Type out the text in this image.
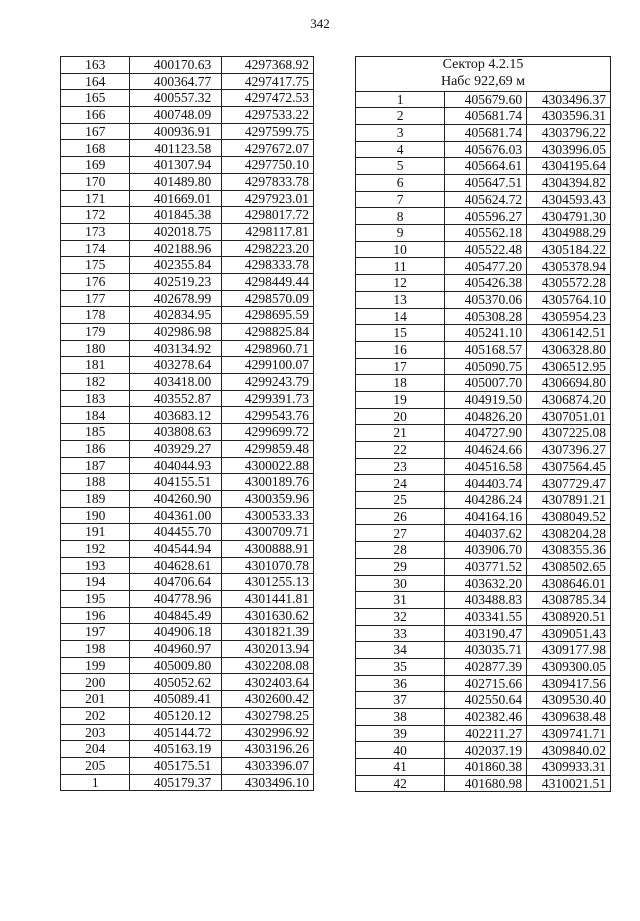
342
163	400170.63	4297368.92
164	400364.77	4297417.75
165	400557.32	4297472.53
166	400748.09	4297533.22
167	400936.91	4297599.75
168	401123.58	4297672.07
169	401307.94	4297750.10
170	401489.80	4297833.78
171	401669.01	4297923.01
172	401845.38	4298017.72
173	402018.75	4298117.81
174	402188.96	4298223.20
175	402355.84	4298333.78
176	402519.23	4298449.44
177	402678.99	4298570.09
178	402834.95	4298695.59
179	402986.98	4298825.84
180	403134.92	4298960.71
181	403278.64	4299100.07
182	403418.00	4299243.79
183	403552.87	4299391.73
184	403683.12	4299543.76
185	403808.63	4299699.72
186	403929.27	4299859.48
187	404044.93	4300022.88
188	404155.51	4300189.76
189	404260.90	4300359.96
190	404361.00	4300533.33
191	404455.70	4300709.71
192	404544.94	4300888.91
193	404628.61	4301070.78
194	404706.64	4301255.13
195	404778.96	4301441.81
196	404845.49	4301630.62
197	404906.18	4301821.39
198	404960.97	4302013.94
199	405009.80	4302208.08
200	405052.62	4302403.64
201	405089.41	4302600.42
202	405120.12	4302798.25
203	405144.72	4302996.92
204	405163.19	4303196.26
205	405175.51	4303396.07
1	405179.37	4303496.10
Сектор 4.2.15
Набс 922,69 м		

1	405679.60	4303496.37
2	405681.74	4303596.31
3	405681.74	4303796.22
4	405676.03	4303996.05
5	405664.61	4304195.64
6	405647.51	4304394.82
7	405624.72	4304593.43
8	405596.27	4304791.30
9	405562.18	4304988.29
10	405522.48	4305184.22
11	405477.20	4305378.94
12	405426.38	4305572.28
13	405370.06	4305764.10
14	405308.28	4305954.23
15	405241.10	4306142.51
16	405168.57	4306328.80
17	405090.75	4306512.95
18	405007.70	4306694.80
19	404919.50	4306874.20
20	404826.20	4307051.01
21	404727.90	4307225.08
22	404624.66	4307396.27
23	404516.58	4307564.45
24	404403.74	4307729.47
25	404286.24	4307891.21
26	404164.16	4308049.52
27	404037.62	4308204.28
28	403906.70	4308355.36
29	403771.52	4308502.65
30	403632.20	4308646.01
31	403488.83	4308785.34
32	403341.55	4308920.51
33	403190.47	4309051.43
34	403035.71	4309177.98
35	402877.39	4309300.05
36	402715.66	4309417.56
37	402550.64	4309530.40
38	402382.46	4309638.48
39	402211.27	4309741.71
40	402037.19	4309840.02
41	401860.38	4309933.31
42	401680.98	4310021.51
